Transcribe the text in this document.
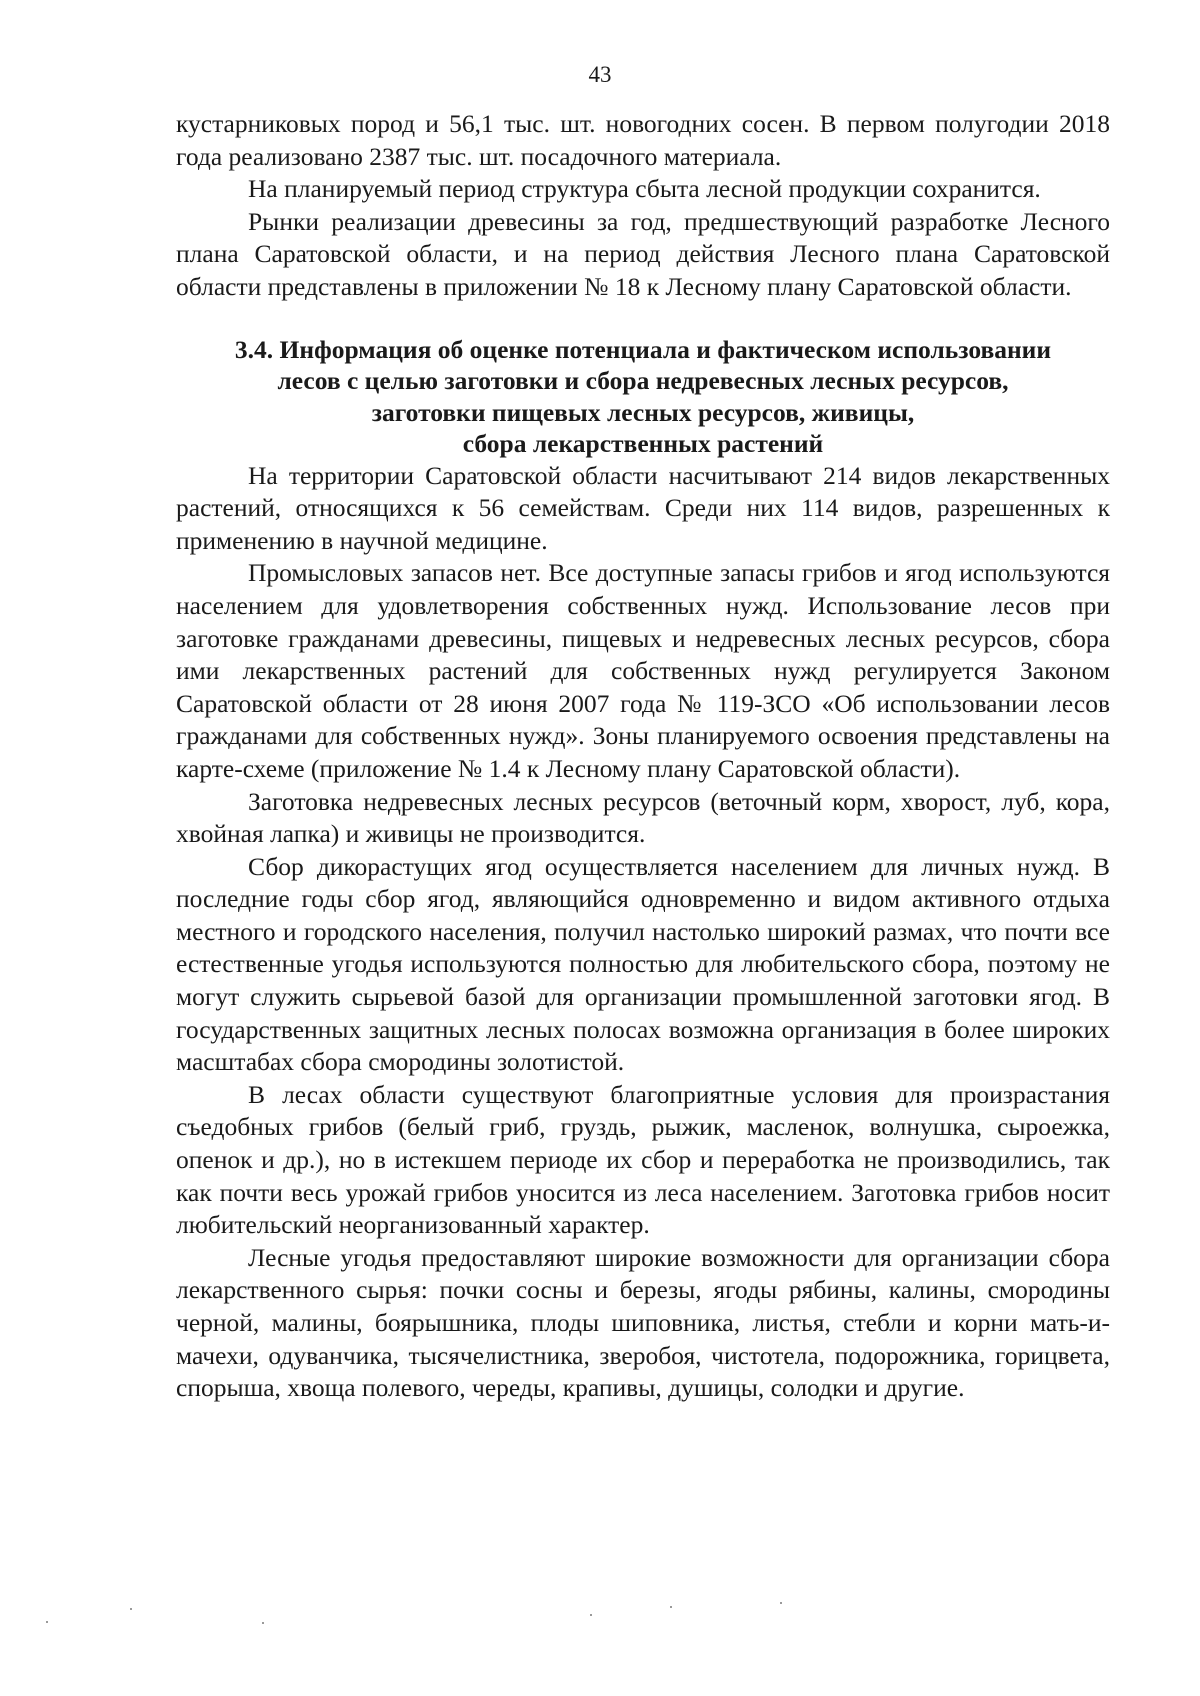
43

кустарниковых пород и 56,1 тыс. шт. новогодних сосен. В первом полугодии 2018 года реализовано 2387 тыс. шт. посадочного материала.

На планируемый период структура сбыта лесной продукции сохранится.

Рынки реализации древесины за год, предшествующий разработке Лесного плана Саратовской области, и на период действия Лесного плана Саратовской области представлены в приложении № 18 к Лесному плану Саратовской области.

3.4. Информация об оценке потенциала и фактическом использовании
лесов с целью заготовки и сбора недревесных лесных ресурсов,
заготовки пищевых лесных ресурсов, живицы,
сбора лекарственных растений

На территории Саратовской области насчитывают 214 видов лекарственных растений, относящихся к 56 семействам. Среди них 114 видов, разрешенных к применению в научной медицине.

Промысловых запасов нет. Все доступные запасы грибов и ягод используются населением для удовлетворения собственных нужд. Использование лесов при заготовке гражданами древесины, пищевых и недревесных лесных ресурсов, сбора ими лекарственных растений для собственных нужд регулируется Законом Саратовской области от 28 июня 2007 года № 119-ЗСО «Об использовании лесов гражданами для собственных нужд». Зоны планируемого освоения представлены на карте-схеме (приложение № 1.4 к Лесному плану Саратовской области).

Заготовка недревесных лесных ресурсов (веточный корм, хворост, луб, кора, хвойная лапка) и живицы не производится.

Сбор дикорастущих ягод осуществляется населением для личных нужд. В последние годы сбор ягод, являющийся одновременно и видом активного отдыха местного и городского населения, получил настолько широкий размах, что почти все естественные угодья используются полностью для любительского сбора, поэтому не могут служить сырьевой базой для организации промышленной заготовки ягод. В государственных защитных лесных полосах возможна организация в более широких масштабах сбора смородины золотистой.

В лесах области существуют благоприятные условия для произрастания съедобных грибов (белый гриб, груздь, рыжик, масленок, волнушка, сыроежка, опенок и др.), но в истекшем периоде их сбор и переработка не производились, так как почти весь урожай грибов уносится из леса населением. Заготовка грибов носит любительский неорганизованный характер.

Лесные угодья предоставляют широкие возможности для организации сбора лекарственного сырья: почки сосны и березы, ягоды рябины, калины, смородины черной, малины, боярышника, плоды шиповника, листья, стебли и корни мать-и-мачехи, одуванчика, тысячелистника, зверобоя, чистотела, подорожника, горицвета, спорыша, хвоща полевого, череды, крапивы, душицы, солодки и другие.
